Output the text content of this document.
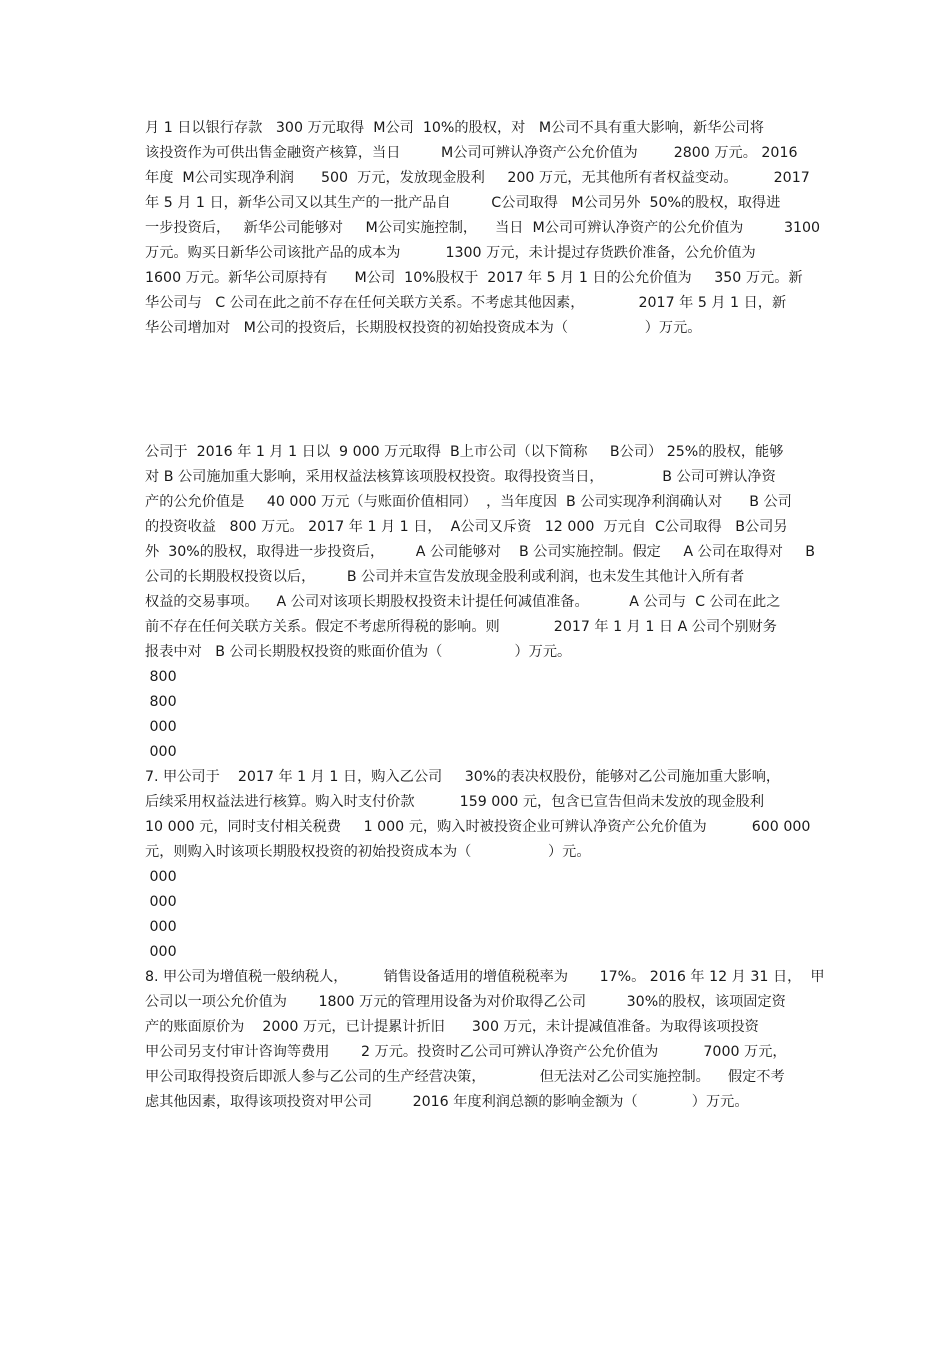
月 1 日以银行存款   300 万元取得  M公司  10%的股权，对   M公司不具有重大影响，新华公司将
该投资作为可供出售金融资产核算，当日         M公司可辨认净资产公允价值为        2800 万元。 2016
年度  M公司实现净利润      500  万元，发放现金股利     200 万元，无其他所有者权益变动。        2017
年 5 月 1 日，新华公司又以其生产的一批产品自         C公司取得   M公司另外  50%的股权，取得进
一步投资后，   新华公司能够对     M公司实施控制，    当日  M公司可辨认净资产的公允价值为         3100
万元。购买日新华公司该批产品的成本为          1300 万元，未计提过存货跌价准备，公允价值为
1600 万元。新华公司原持有      M公司  10%股权于  2017 年 5 月 1 日的公允价值为     350 万元。新
华公司与   C 公司在此之前不存在任何关联方关系。不考虑其他因素，            2017 年 5 月 1 日，新
华公司增加对   M公司的投资后，长期股权投资的初始投资成本为（                 ）万元。
公司于  2016 年 1 月 1 日以  9 000 万元取得  B上市公司（以下简称     B公司） 25%的股权，能够
对 B 公司施加重大影响，采用权益法核算该项股权投资。取得投资当日，             B 公司可辨认净资
产的公允价值是     40 000 万元（与账面价值相同）  ，当年度因  B 公司实现净利润确认对      B 公司
的投资收益   800 万元。 2017 年 1 月 1 日，  A公司又斥资   12 000  万元自  C公司取得   B公司另
外  30%的股权，取得进一步投资后，       A 公司能够对    B 公司实施控制。假定     A 公司在取得对     B
公司的长期股权投资以后，       B 公司并未宣告发放现金股利或利润，也未发生其他计入所有者
权益的交易事项。    A 公司对该项长期股权投资未计提任何减值准备。         A 公司与  C 公司在此之
前不存在任何关联方关系。假定不考虑所得税的影响。则            2017 年 1 月 1 日 A 公司个别财务
报表中对   B 公司长期股权投资的账面价值为（                ）万元。
800
800
000
000
7. 甲公司于    2017 年 1 月 1 日，购入乙公司     30%的表决权股份，能够对乙公司施加重大影响，
后续采用权益法进行核算。购入时支付价款          159 000 元，包含已宣告但尚未发放的现金股利
10 000 元，同时支付相关税费     1 000 元，购入时被投资企业可辨认净资产公允价值为          600 000
元，则购入时该项长期股权投资的初始投资成本为（                 ）元。
000
000
000
000
8. 甲公司为增值税一般纳税人，        销售设备适用的增值税税率为       17%。 2016 年 12 月 31 日，  甲
公司以一项公允价值为       1800 万元的管理用设备为对价取得乙公司         30%的股权，该项固定资
产的账面原价为    2000 万元，已计提累计折旧      300 万元，未计提减值准备。为取得该项投资
甲公司另支付审计咨询等费用       2 万元。投资时乙公司可辨认净资产公允价值为          7000 万元，
甲公司取得投资后即派人参与乙公司的生产经营决策，            但无法对乙公司实施控制。    假定不考
虑其他因素，取得该项投资对甲公司         2016 年度利润总额的影响金额为（            ）万元。
